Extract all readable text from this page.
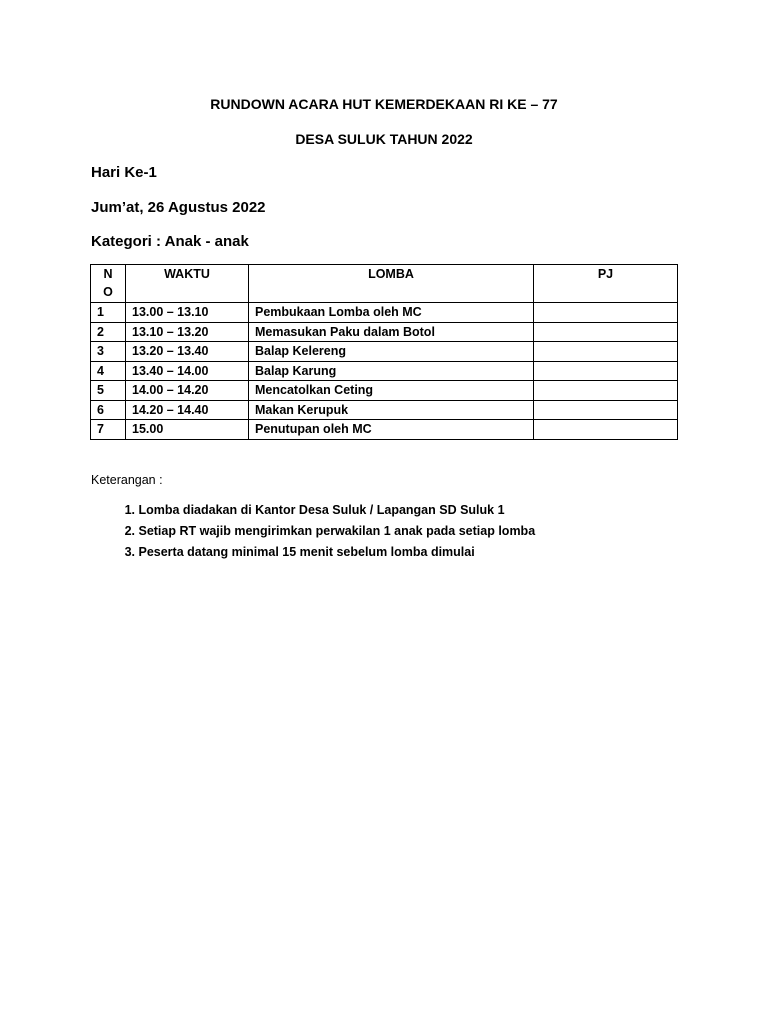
RUNDOWN ACARA HUT KEMERDEKAAN RI KE – 77
DESA SULUK TAHUN 2022
Hari Ke-1
Jum’at, 26 Agustus 2022
Kategori : Anak - anak
N
O	WAKTU	LOMBA	PJ
1	13.00 – 13.10	Pembukaan Lomba oleh MC	
2	13.10 – 13.20	Memasukan Paku dalam Botol	
3	13.20 – 13.40	Balap Kelereng	
4	13.40 – 14.00	Balap Karung	
5	14.00 – 14.20	Mencatolkan Ceting	
6	14.20 – 14.40	Makan Kerupuk	
7	15.00	Penutupan oleh MC	
Keterangan :
1. Lomba diadakan di Kantor Desa Suluk / Lapangan SD Suluk 1
2. Setiap RT wajib mengirimkan perwakilan 1 anak pada setiap lomba
3. Peserta datang minimal 15 menit sebelum lomba dimulai
